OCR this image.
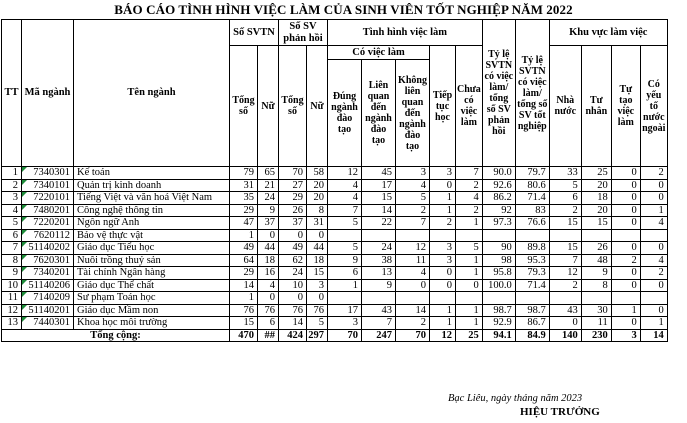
BÁO CÁO TÌNH HÌNH VIỆC LÀM CỦA SINH VIÊN TỐT NGHIỆP NĂM 2022
TT	Mã ngành	Tên ngành	Số SVTN		Số SV phản hồi		Tình hình việc làm					Tỷ lệ SVTN có việc làm/ tổng số SV phản hồi	Tỷ lệ SVTN có việc làm/ tổng số SV tốt nghiệp	Khu vực làm việc			
			Tổng số	Nữ	Tổng số	Nữ	Có việc làm			Tiếp tục học	Chưa có việc làm			Nhà nước	Tư nhân	Tự tạo việc làm	Có yếu tố nước ngoài
							Đúng ngành đào tạo	Liên quan đến ngành đào tạo	Không liên quan đến ngành đào tạo								
1	7340301	Kế toán	79	65	70	58	12	45	3	3	7	90.0	79.7	33	25	0	2
2	7340101	Quản trị kinh doanh	31	21	27	20	4	17	4	0	2	92.6	80.6	5	20	0	0
3	7220101	Tiếng Việt và văn hoá Việt Nam	35	24	29	20	4	15	5	1	4	86.2	71.4	6	18	0	0
4	7480201	Công nghệ thông tin	29	9	26	8	7	14	2	1	2	92	83	2	20	0	1
5	7220201	Ngôn ngữ Anh	47	37	37	31	5	22	7	2	1	97.3	76.6	15	15	0	4
6	7620112	Bảo vệ thực vật	1	0	0	0											
7	51140202	Giáo dục Tiểu học	49	44	49	44	5	24	12	3	5	90	89.8	15	26	0	0
8	7620301	Nuôi trồng thuỷ sản	64	18	62	18	9	38	11	3	1	98	95.3	7	48	2	4
9	7340201	Tài chính Ngân hàng	29	16	24	15	6	13	4	0	1	95.8	79.3	12	9	0	2
10	51140206	Giáo dục Thể chất	14	4	10	3	1	9	0	0	0	100.0	71.4	2	8	0	0
11	7140209	Sư phạm Toán học	1	0	0	0											
12	51140201	Giáo dục Mầm non	76	76	76	76	17	43	14	1	1	98.7	98.7	43	30	1	0
13	7440301	Khoa học môi trường	15	6	14	5	3	7	2	1	1	92.9	86.7	0	11	0	1
Tổng cộng:			470	##	424	297	70	247	70	12	25	94.1	84.9	140	230	3	14
Bạc Liêu, ngày tháng năm 2023
HIỆU TRƯỞNG
